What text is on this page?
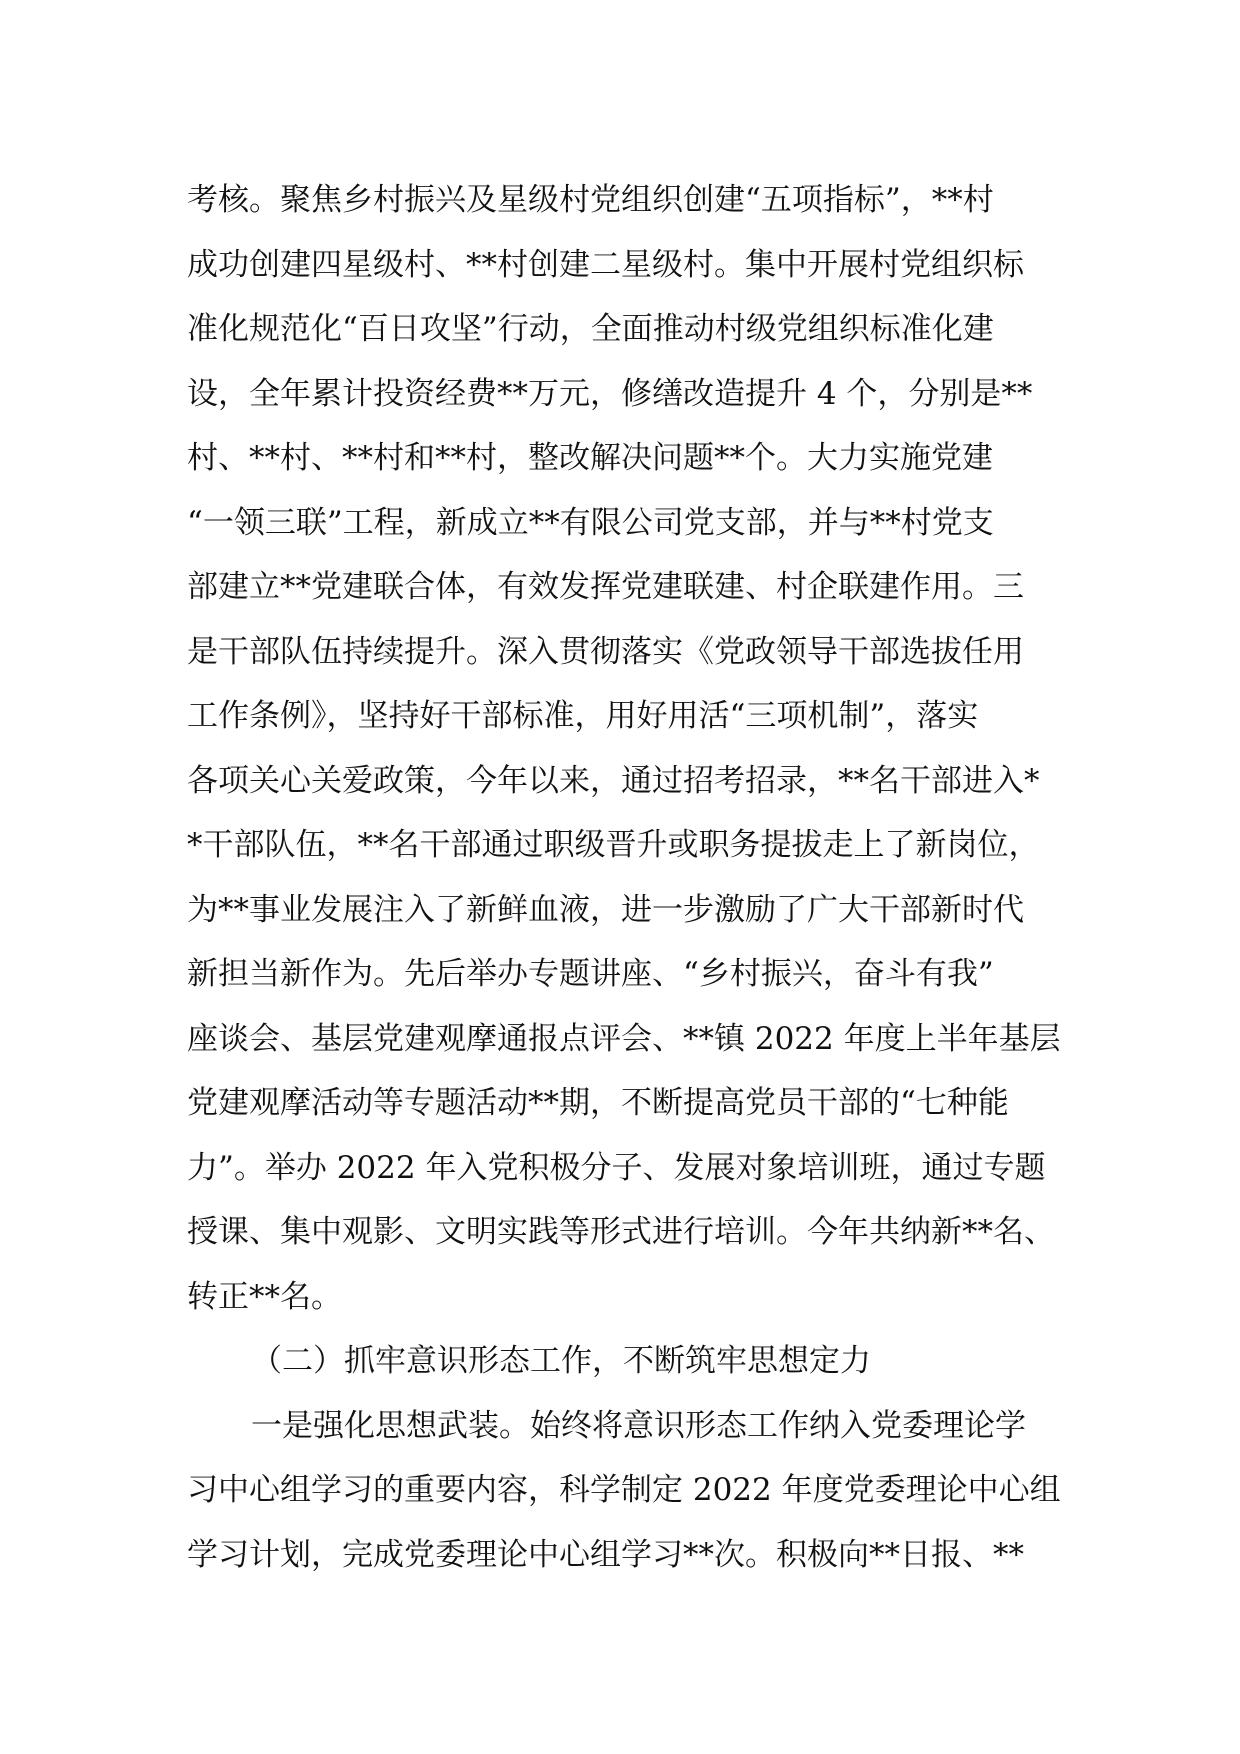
考核。聚焦乡村振兴及星级村党组织创建“五项指标”，**村
成功创建四星级村、**村创建二星级村。集中开展村党组织标
准化规范化“百日攻坚”行动，全面推动村级党组织标准化建
设，全年累计投资经费**万元，修缮改造提升 4 个，分别是**
村、**村、**村和**村，整改解决问题**个。大力实施党建
“一领三联”工程，新成立**有限公司党支部，并与**村党支
部建立**党建联合体，有效发挥党建联建、村企联建作用。三
是干部队伍持续提升。深入贯彻落实《党政领导干部选拔任用
工作条例》，坚持好干部标准，用好用活“三项机制”，落实
各项关心关爱政策，今年以来，通过招考招录，**名干部进入*
*干部队伍，**名干部通过职级晋升或职务提拔走上了新岗位，
为**事业发展注入了新鲜血液，进一步激励了广大干部新时代
新担当新作为。先后举办专题讲座、“乡村振兴，奋斗有我”
座谈会、基层党建观摩通报点评会、**镇 2022 年度上半年基层
党建观摩活动等专题活动**期，不断提高党员干部的“七种能
力”。举办 2022 年入党积极分子、发展对象培训班，通过专题
授课、集中观影、文明实践等形式进行培训。今年共纳新**名、
转正**名。
（二）抓牢意识形态工作，不断筑牢思想定力
一是强化思想武装。始终将意识形态工作纳入党委理论学
习中心组学习的重要内容，科学制定 2022 年度党委理论中心组
学习计划，完成党委理论中心组学习**次。积极向**日报、**
